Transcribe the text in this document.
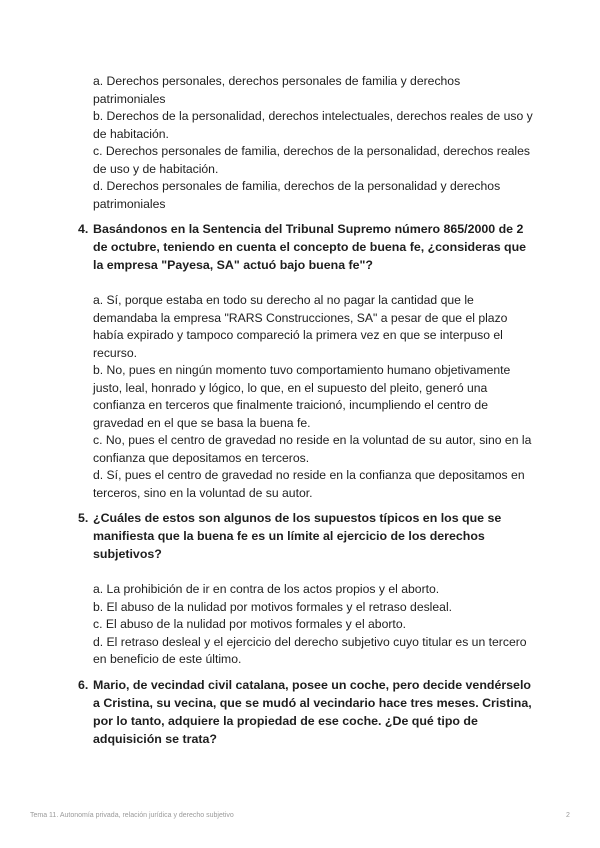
a. Derechos personales, derechos personales de familia y derechos patrimoniales

b. Derechos de la personalidad, derechos intelectuales, derechos reales de uso y de habitación.

c. Derechos personales de familia, derechos de la personalidad, derechos reales de uso y de habitación.

d. Derechos personales de familia, derechos de la personalidad y derechos patrimoniales

4. Basándonos en la Sentencia del Tribunal Supremo número 865/2000 de 2 de octubre, teniendo en cuenta el concepto de buena fe, ¿consideras que la empresa "Payesa, SA" actuó bajo buena fe"?

a. Sí, porque estaba en todo su derecho al no pagar la cantidad que le demandaba la empresa "RARS Construcciones, SA" a pesar de que el plazo había expirado y tampoco compareció la primera vez en que se interpuso el recurso.

b. No, pues en ningún momento tuvo comportamiento humano objetivamente justo, leal, honrado y lógico, lo que, en el supuesto del pleito, generó una confianza en terceros que finalmente traicionó, incumpliendo el centro de gravedad en el que se basa la buena fe.

c. No, pues el centro de gravedad no reside en la voluntad de su autor, sino en la confianza que depositamos en terceros.

d. Sí, pues el centro de gravedad no reside en la confianza que depositamos en terceros, sino en la voluntad de su autor.

5. ¿Cuáles de estos son algunos de los supuestos típicos en los que se manifiesta que la buena fe es un límite al ejercicio de los derechos subjetivos?

a. La prohibición de ir en contra de los actos propios y el aborto.

b. El abuso de la nulidad por motivos formales y el retraso desleal.

c. El abuso de la nulidad por motivos formales y el aborto.

d. El retraso desleal y el ejercicio del derecho subjetivo cuyo titular es un tercero en beneficio de este último.

6. Mario, de vecindad civil catalana, posee un coche, pero decide vendérselo a Cristina, su vecina, que se mudó al vecindario hace tres meses. Cristina, por lo tanto, adquiere la propiedad de ese coche. ¿De qué tipo de adquisición se trata?

Tema 11. Autonomía privada, relación jurídica y derecho subjetivo	2
